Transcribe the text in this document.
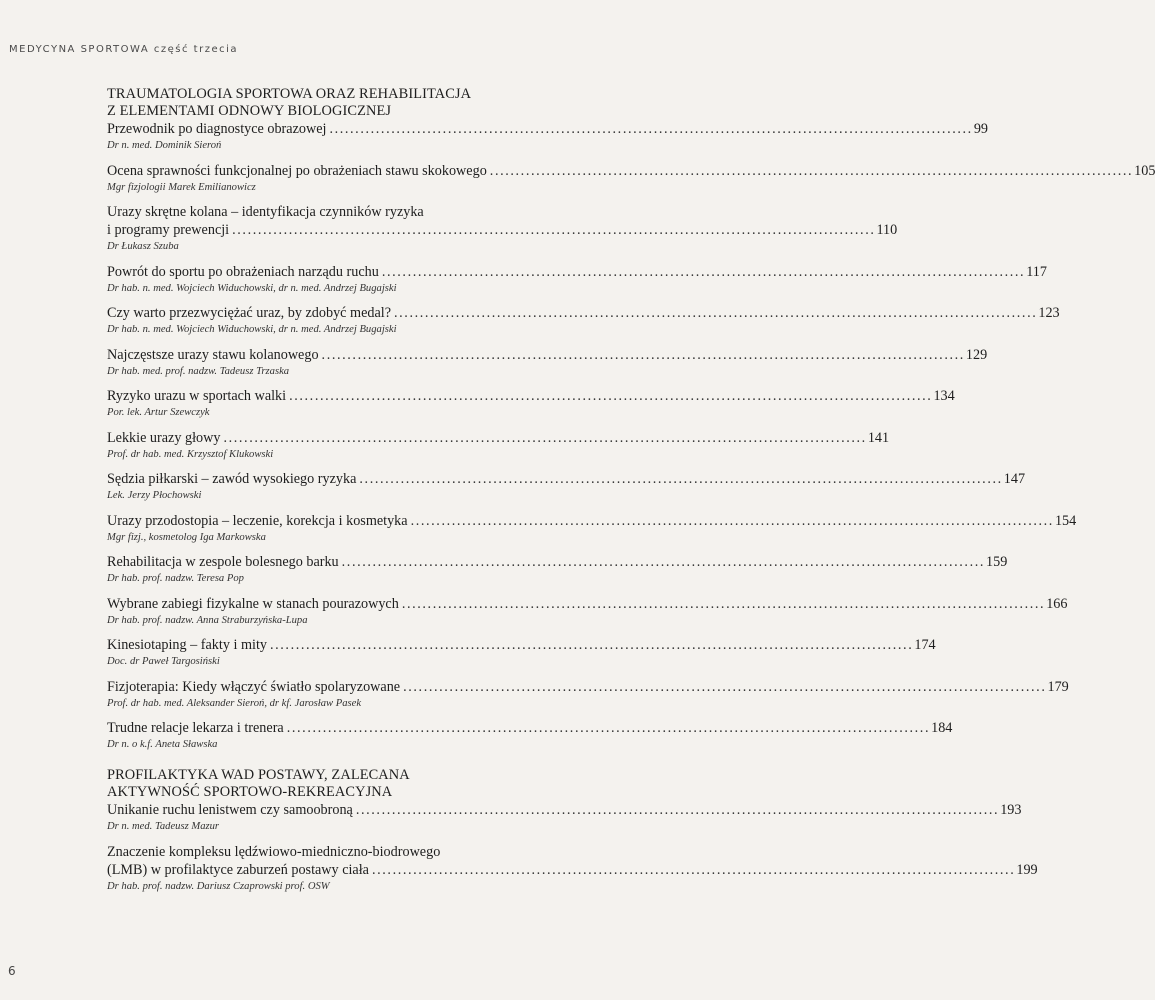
MEDYCYNA SPORTOWA część trzecia
TRAUMATOLOGIA SPORTOWA ORAZ REHABILITACJA
Z ELEMENTAMI ODNOWY BIOLOGICZNEJ
Przewodnik po diagnostyce obrazowej ............................................................................................................................. 99
Dr n. med. Dominik Sieroń
Ocena sprawności funkcjonalnej po obrażeniach stawu skokowego ............................................................................................................................. 105
Mgr fizjologii Marek Emilianowicz
Urazy skrętne kolana – identyfikacja czynników ryzyka
i programy prewencji ............................................................................................................................. 110
Dr Łukasz Szuba
Powrót do sportu po obrażeniach narządu ruchu ............................................................................................................................. 117
Dr hab. n. med. Wojciech Widuchowski, dr n. med. Andrzej Bugajski
Czy warto przezwyciężać uraz, by zdobyć medal? ............................................................................................................................. 123
Dr hab. n. med. Wojciech Widuchowski, dr n. med. Andrzej Bugajski
Najczęstsze urazy stawu kolanowego ............................................................................................................................. 129
Dr hab. med. prof. nadzw. Tadeusz Trzaska
Ryzyko urazu w sportach walki ............................................................................................................................. 134
Por. lek. Artur Szewczyk
Lekkie urazy głowy ............................................................................................................................. 141
Prof. dr hab. med. Krzysztof Klukowski
Sędzia piłkarski – zawód wysokiego ryzyka ............................................................................................................................. 147
Lek. Jerzy Płochowski
Urazy przodostopia – leczenie, korekcja i kosmetyka ............................................................................................................................. 154
Mgr fizj., kosmetolog Iga Markowska
Rehabilitacja w zespole bolesnego barku ............................................................................................................................. 159
Dr hab. prof. nadzw. Teresa Pop
Wybrane zabiegi fizykalne w stanach pourazowych ............................................................................................................................. 166
Dr hab. prof. nadzw. Anna Straburzyńska-Lupa
Kinesiotaping – fakty i mity ............................................................................................................................. 174
Doc. dr Paweł Targosiński
Fizjoterapia: Kiedy włączyć światło spolaryzowane ............................................................................................................................. 179
Prof. dr hab. med. Aleksander Sieroń, dr kf. Jarosław Pasek
Trudne relacje lekarza i trenera ............................................................................................................................. 184
Dr n. o k.f. Aneta Sławska
PROFILAKTYKA WAD POSTAWY, ZALECANA
AKTYWNOŚĆ SPORTOWO-REKREACYJNA
Unikanie ruchu lenistwem czy samoobroną ............................................................................................................................. 193
Dr n. med. Tadeusz Mazur
Znaczenie kompleksu lędźwiowo-miedniczno-biodrowego
(LMB) w profilaktyce zaburzeń postawy ciała ............................................................................................................................. 199
Dr hab. prof. nadzw. Dariusz Czaprowski prof. OSW
6
